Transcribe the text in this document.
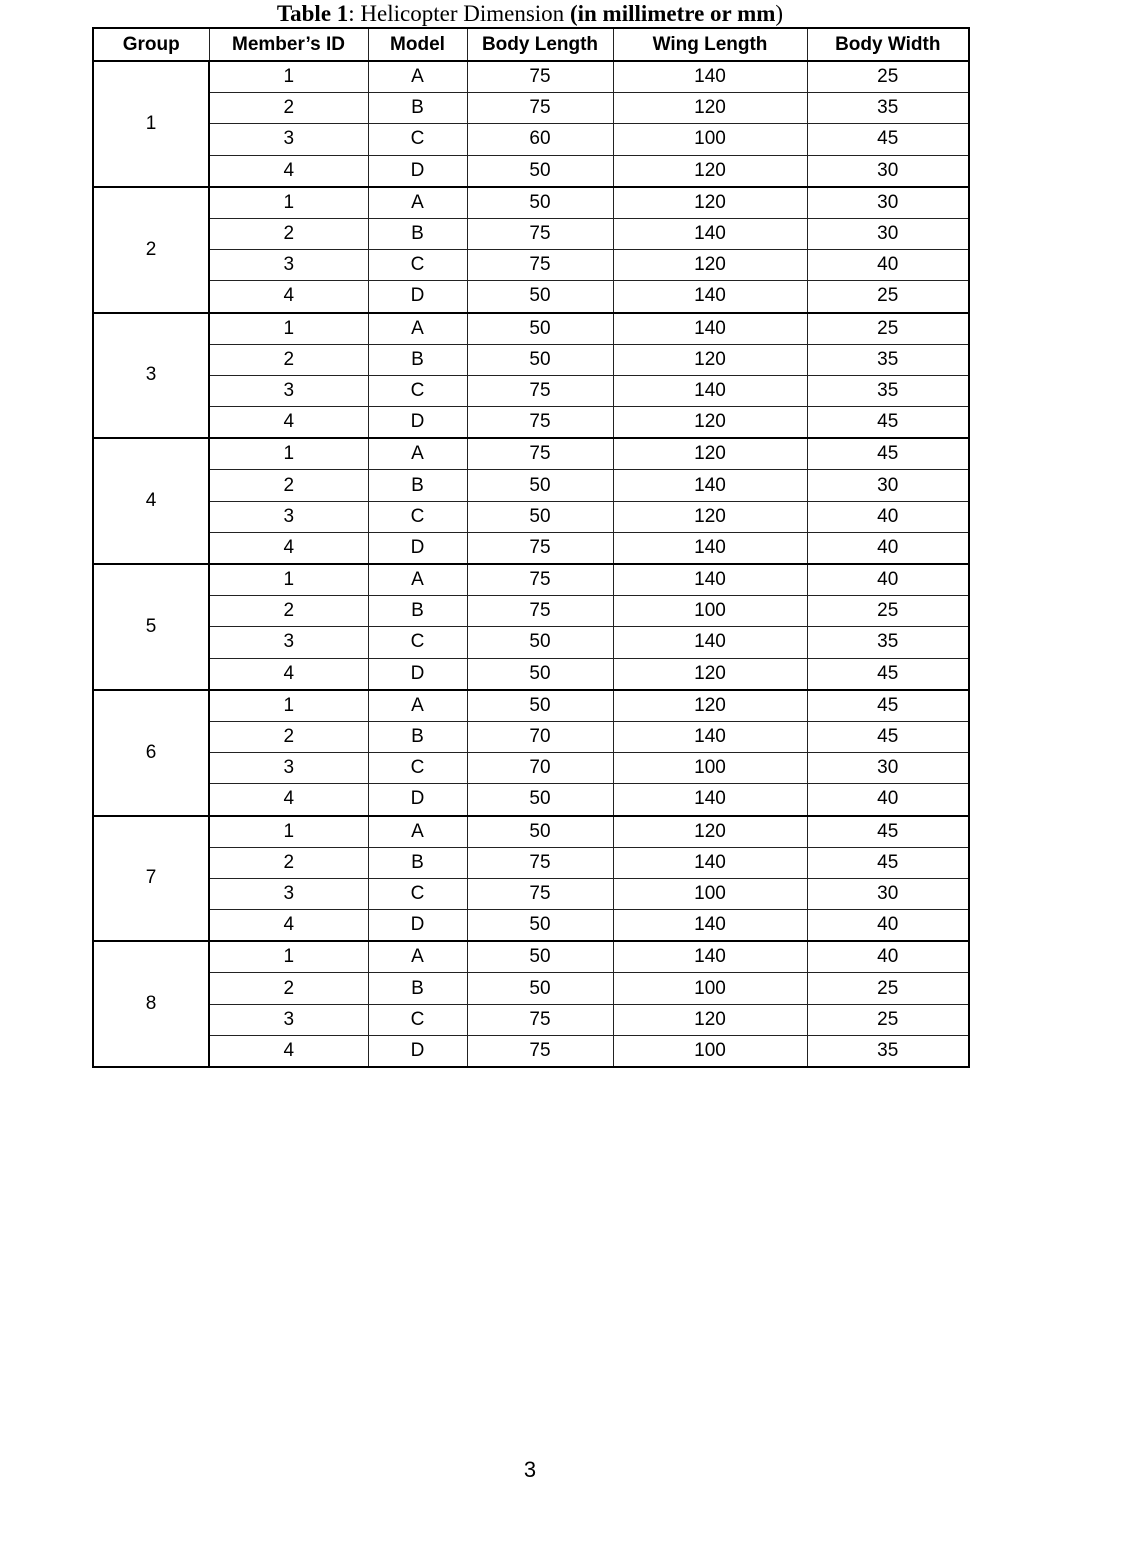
Table 1: Helicopter Dimension (in millimetre or mm)
Group	Member’s ID	Model	Body Length	Wing Length	Body Width
1	1	A	75	140	25
	2	B	75	120	35
	3	C	60	100	45
	4	D	50	120	30
2	1	A	50	120	30
	2	B	75	140	30
	3	C	75	120	40
	4	D	50	140	25
3	1	A	50	140	25
	2	B	50	120	35
	3	C	75	140	35
	4	D	75	120	45
4	1	A	75	120	45
	2	B	50	140	30
	3	C	50	120	40
	4	D	75	140	40
5	1	A	75	140	40
	2	B	75	100	25
	3	C	50	140	35
	4	D	50	120	45
6	1	A	50	120	45
	2	B	70	140	45
	3	C	70	100	30
	4	D	50	140	40
7	1	A	50	120	45
	2	B	75	140	45
	3	C	75	100	30
	4	D	50	140	40
8	1	A	50	140	40
	2	B	50	100	25
	3	C	75	120	25
	4	D	75	100	35
3
